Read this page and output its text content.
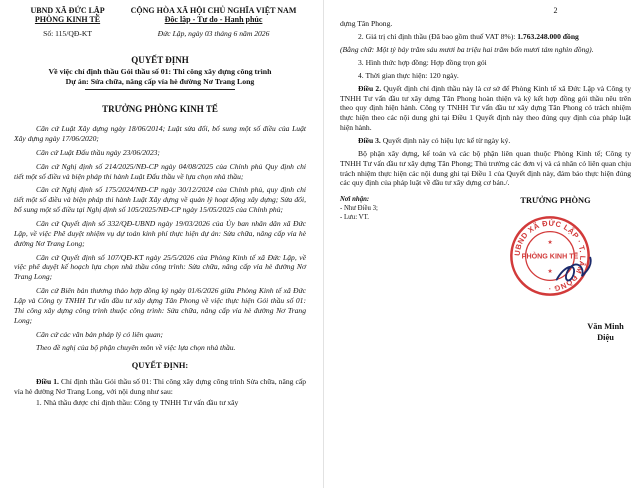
UBND XÃ ĐỨC LẬP
PHÒNG KINH TẾ
Số: 115/QĐ-KT
CỘNG HÒA XÃ HỘI CHỦ NGHĨA VIỆT NAM
Độc lập - Tự do - Hạnh phúc
Đức Lập, ngày 03 tháng 6 năm 2026
QUYẾT ĐỊNH
Về việc chỉ định thầu Gói thầu số 01: Thi công xây dựng công trình
Dự án: Sửa chữa, nâng cấp vỉa hè đường Nơ Trang Long
TRƯỞNG PHÒNG KINH TẾ

Căn cứ Luật Xây dựng ngày 18/06/2014; Luật sửa đổi, bổ sung một số điều của Luật Xây dựng ngày 17/06/2020;

Căn cứ Luật Đấu thầu ngày 23/06/2023;

Căn cứ Nghị định số 214/2025/NĐ-CP ngày 04/08/2025 của Chính phủ Quy định chi tiết một số điều và biện pháp thi hành Luật Đấu thầu về lựa chọn nhà thầu;

Căn cứ Nghị định số 175/2024/NĐ-CP ngày 30/12/2024 của Chính phủ, quy định chi tiết một số điều và biện pháp thi hành Luật Xây dựng về quản lý hoạt động xây dựng; Sửa đổi, bổ sung một số điều tại Nghị định số 105/2025/NĐ-CP ngày 15/05/2025 của Chính phủ;

Căn cứ Quyết định số 332/QĐ-UBND ngày 19/03/2026 của Ủy ban nhân dân xã Đức Lập, về việc Phê duyệt nhiệm vụ dự toán kinh phí thực hiện dự án: Sửa chữa, nâng cấp vỉa hè đường Nơ Trang Long;

Căn cứ Quyết định số 107/QĐ-KT ngày 25/5/2026 của Phòng Kinh tế xã Đức Lập, về việc phê duyệt kế hoạch lựa chọn nhà thầu công trình: Sửa chữa, nâng cấp vỉa hè đường Nơ Trang Long;

Căn cứ Biên bản thương thảo hợp đồng ký ngày 01/6/2026 giữa Phòng Kinh tế xã Đức Lập và Công ty TNHH Tư vấn đầu tư xây dựng Tân Phong về việc thực hiện Gói thầu số 01: Thi công xây dựng công trình thuộc công trình: Sửa chữa, nâng cấp vỉa hè đường Nơ Trang Long;

Căn cứ các văn bản pháp lý có liên quan;

Theo đề nghị của bộ phận chuyên môn về việc lựa chọn nhà thầu.

QUYẾT ĐỊNH:

Điều 1. Chỉ định thầu Gói thầu số 01: Thi công xây dựng công trình Sửa chữa, nâng cấp vỉa hè đường Nơ Trang Long, với nội dung như sau:

1. Nhà thầu được chỉ định thầu: Công ty TNHH Tư vấn đầu tư xây

2

dựng Tân Phong.

2. Giá trị chỉ định thầu (Đã bao gồm thuế VAT 8%): 1.763.248.000 đồng

(Bằng chữ: Một tỷ bảy trăm sáu mươi ba triệu hai trăm bốn mươi tám nghìn đồng).

3. Hình thức hợp đồng: Hợp đồng trọn gói

4. Thời gian thực hiện: 120 ngày.

Điều 2. Quyết định chỉ định thầu này là cơ sở để Phòng Kinh tế xã Đức Lập và Công ty TNHH Tư vấn đầu tư xây dựng Tân Phong hoàn thiện và ký kết hợp đồng gói thầu nêu trên theo quy định hiện hành. Công ty TNHH Tư vấn đầu tư xây dựng Tân Phong có trách nhiệm thực hiện theo các nội dung ghi tại Điều 1 Quyết định này theo đúng quy định của pháp luật hiện hành.

Điều 3. Quyết định này có hiệu lực kể từ ngày ký.

Bộ phận xây dựng, kế toán và các bộ phận liên quan thuộc Phòng Kinh tế; Công ty TNHH Tư vấn đầu tư xây dựng Tân Phong; Thủ trưởng các đơn vị và cá nhân có liên quan chịu trách nhiệm thực hiện các nội dung ghi tại Điều 1 của Quyết định này, đảm bảo thực hiện đúng các quy định của pháp luật về đầu tư xây dựng cơ bản./.

Nơi nhận:
- Như Điều 3;
- Lưu: VT.
TRƯỞNG PHÒNG
UBND XÃ ĐỨC LẬP · T. LÂM ĐỒNG ·
PHÒNG KINH TẾ
★
★
Văn Minh Diệu
